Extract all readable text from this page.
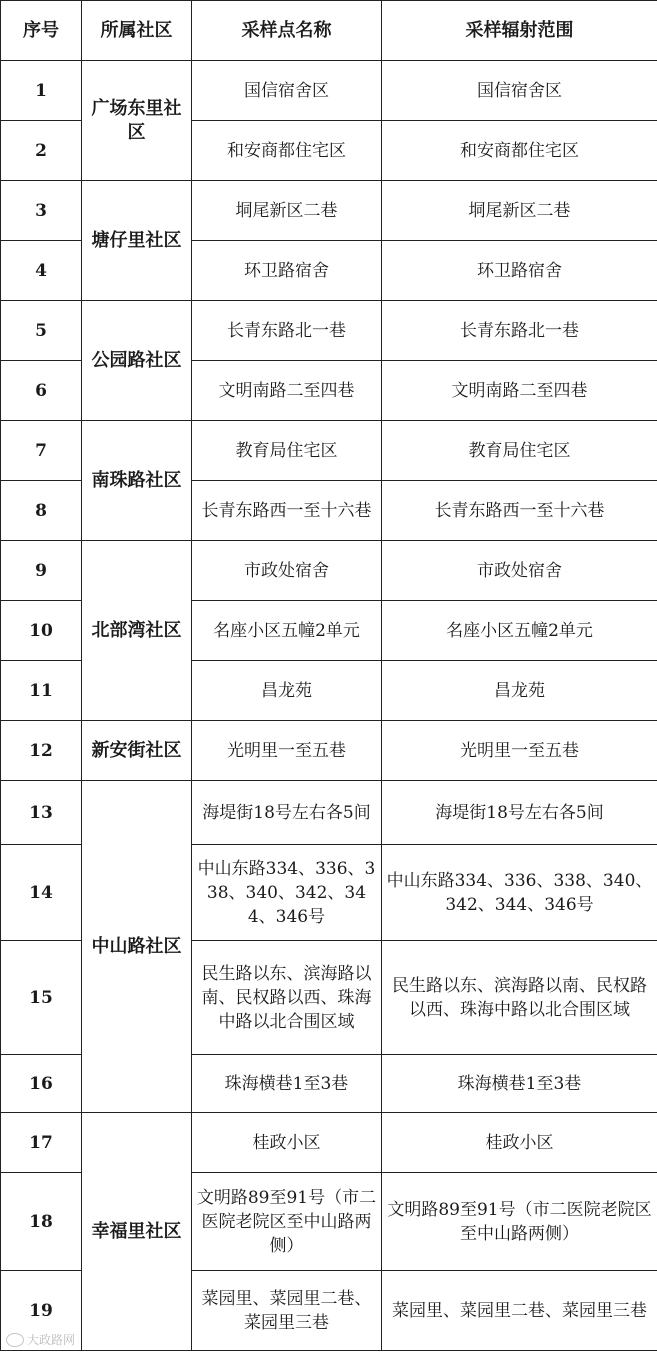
序号	所属社区	采样点名称	采样辐射范围
1	广场东里社区	国信宿舍区	国信宿舍区
2		和安商都住宅区	和安商都住宅区
3	塘仔里社区	垌尾新区二巷	垌尾新区二巷
4		环卫路宿舍	环卫路宿舍
5	公园路社区	长青东路北一巷	长青东路北一巷
6		文明南路二至四巷	文明南路二至四巷
7	南珠路社区	教育局住宅区	教育局住宅区
8		长青东路西一至十六巷	长青东路西一至十六巷
9	北部湾社区	市政处宿舍	市政处宿舍
10		名座小区五幢2单元	名座小区五幢2单元
11		昌龙苑	昌龙苑
12	新安街社区	光明里一至五巷	光明里一至五巷
13	中山路社区	海堤街18号左右各5间	海堤街18号左右各5间
14		中山东路334、336、338、340、342、344、346号	中山东路334、336、338、340、342、344、346号
15		民生路以东、滨海路以南、民权路以西、珠海中路以北合围区域	民生路以东、滨海路以南、民权路以西、珠海中路以北合围区域
16		珠海横巷1至3巷	珠海横巷1至3巷
17	幸福里社区	桂政小区	桂政小区
18		文明路89至91号（市二医院老院区至中山路两侧）	文明路89至91号（市二医院老院区至中山路两侧）
19		菜园里、菜园里二巷、菜园里三巷	菜园里、菜园里二巷、菜园里三巷
大政路网
